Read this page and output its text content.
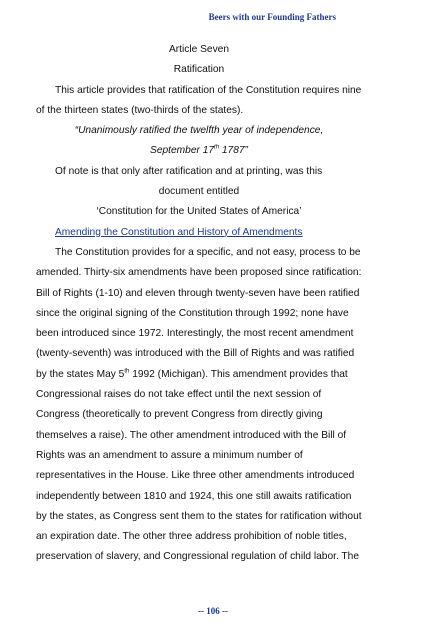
Beers with our Founding Fathers

Article Seven

Ratification

This article provides that ratification of the Constitution requires nine of the thirteen states (two-thirds of the states).

“Unanimously ratified the twelfth year of independence,

September 17th 1787”

Of note is that only after ratification and at printing, was this

document entitled

‘Constitution for the United States of America’

Amending the Constitution and History of Amendments

The Constitution provides for a specific, and not easy, process to be amended. Thirty-six amendments have been proposed since ratification: Bill of Rights (1-10) and eleven through twenty-seven have been ratified since the original signing of the Constitution through 1992; none have been introduced since 1972. Interestingly, the most recent amendment (twenty-seventh) was introduced with the Bill of Rights and was ratified by the states May 5th 1992 (Michigan). This amendment provides that Congressional raises do not take effect until the next session of Congress (theoretically to prevent Congress from directly giving themselves a raise). The other amendment introduced with the Bill of Rights was an amendment to assure a minimum number of representatives in the House. Like three other amendments introduced independently between 1810 and 1924, this one still awaits ratification by the states, as Congress sent them to the states for ratification without an expiration date. The other three address prohibition of noble titles, preservation of slavery, and Congressional regulation of child labor. The

-- 106 --
